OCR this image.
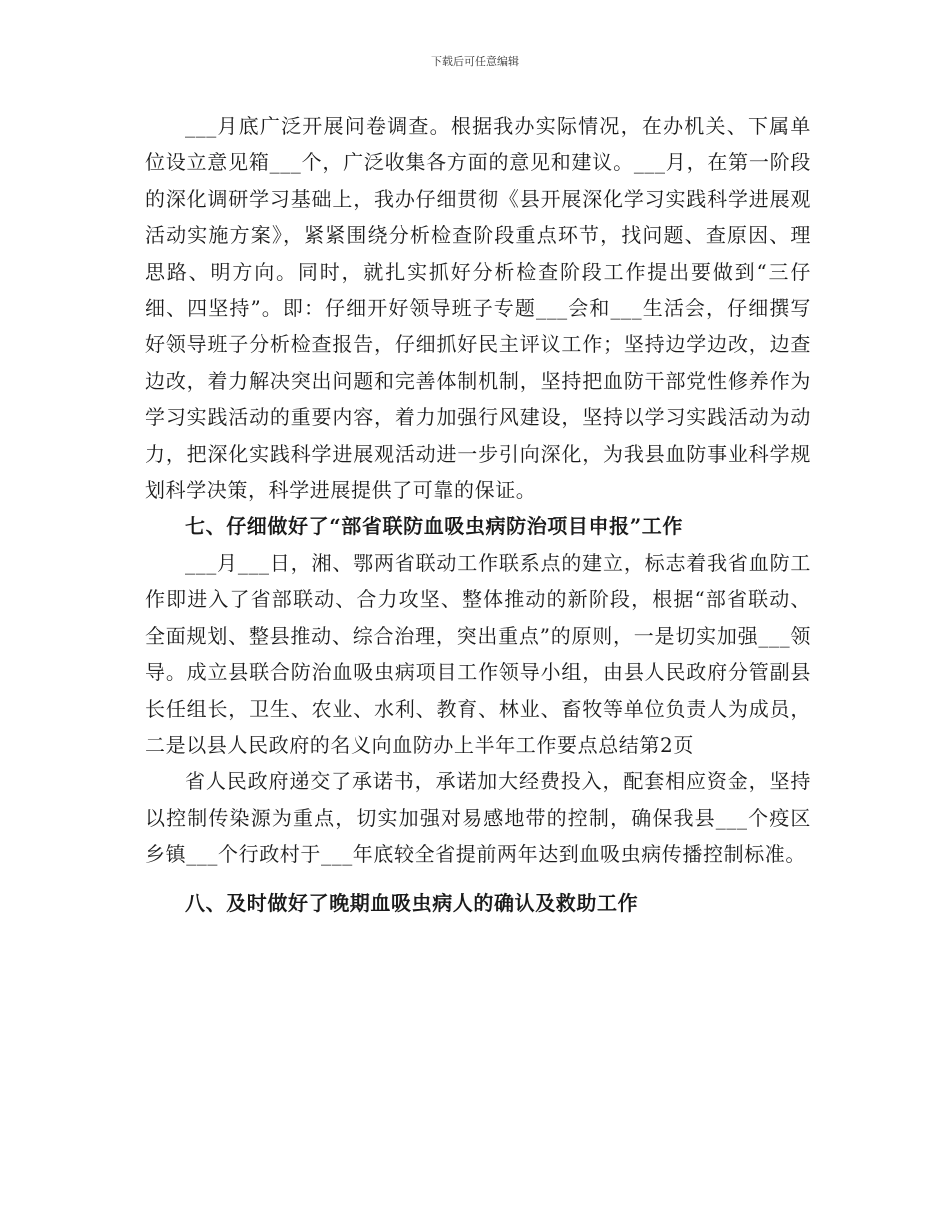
下载后可任意编辑

___月底广泛开展问卷调查。根据我办实际情况，在办机关、下属单位设立意见箱___个，广泛收集各方面的意见和建议。___月，在第一阶段的深化调研学习基础上，我办仔细贯彻《县开展深化学习实践科学进展观活动实施方案》，紧紧围绕分析检查阶段重点环节，找问题、查原因、理思路、明方向。同时，就扎实抓好分析检查阶段工作提出要做到“三仔细、四坚持”。即：仔细开好领导班子专题___会和___生活会，仔细撰写好领导班子分析检查报告，仔细抓好民主评议工作；坚持边学边改，边查边改，着力解决突出问题和完善体制机制，坚持把血防干部党性修养作为学习实践活动的重要内容，着力加强行风建设，坚持以学习实践活动为动力，把深化实践科学进展观活动进一步引向深化，为我县血防事业科学规划科学决策，科学进展提供了可靠的保证。

七、仔细做好了“部省联防血吸虫病防治项目申报”工作

___月___日，湘、鄂两省联动工作联系点的建立，标志着我省血防工作即进入了省部联动、合力攻坚、整体推动的新阶段，根据“部省联动、全面规划、整县推动、综合治理，突出重点”的原则，一是切实加强___领导。成立县联合防治血吸虫病项目工作领导小组，由县人民政府分管副县长任组长，卫生、农业、水利、教育、林业、畜牧等单位负责人为成员，二是以县人民政府的名义向血防办上半年工作要点总结第2页

省人民政府递交了承诺书，承诺加大经费投入，配套相应资金，坚持以控制传染源为重点，切实加强对易感地带的控制，确保我县___个疫区乡镇___个行政村于___年底较全省提前两年达到血吸虫病传播控制标准。

八、及时做好了晚期血吸虫病人的确认及救助工作
